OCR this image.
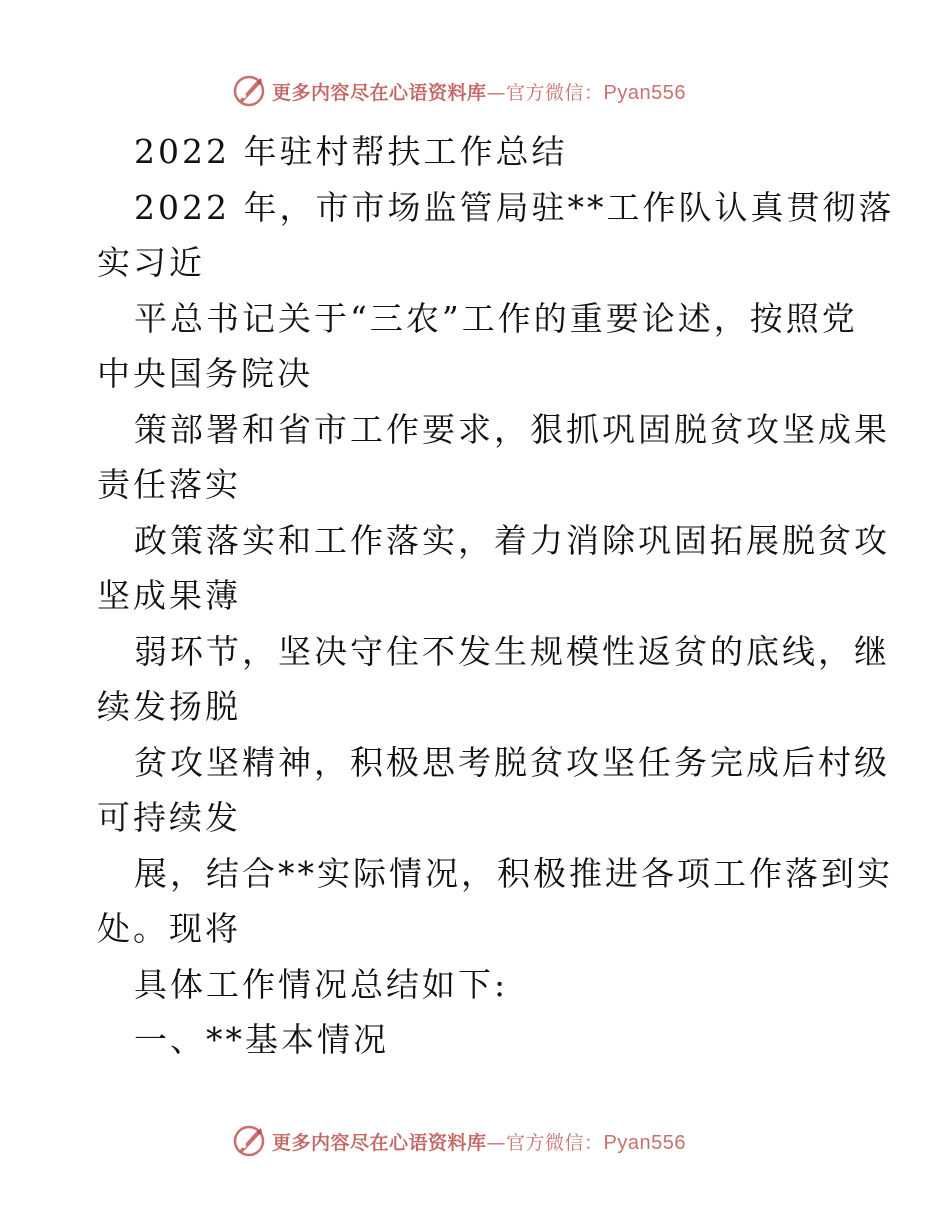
更多内容尽在心语资料库—官方微信：Pyan556
2022 年驻村帮扶工作总结
2022 年，市市场监管局驻**工作队认真贯彻落
实习近
平总书记关于“三农”工作的重要论述，按照党
中央国务院决
策部署和省市工作要求，狠抓巩固脱贫攻坚成果
责任落实
政策落实和工作落实，着力消除巩固拓展脱贫攻
坚成果薄
弱环节，坚决守住不发生规模性返贫的底线，继
续发扬脱
贫攻坚精神，积极思考脱贫攻坚任务完成后村级
可持续发
展，结合**实际情况，积极推进各项工作落到实
处。现将
具体工作情况总结如下:
一、**基本情况
更多内容尽在心语资料库—官方微信：Pyan556
